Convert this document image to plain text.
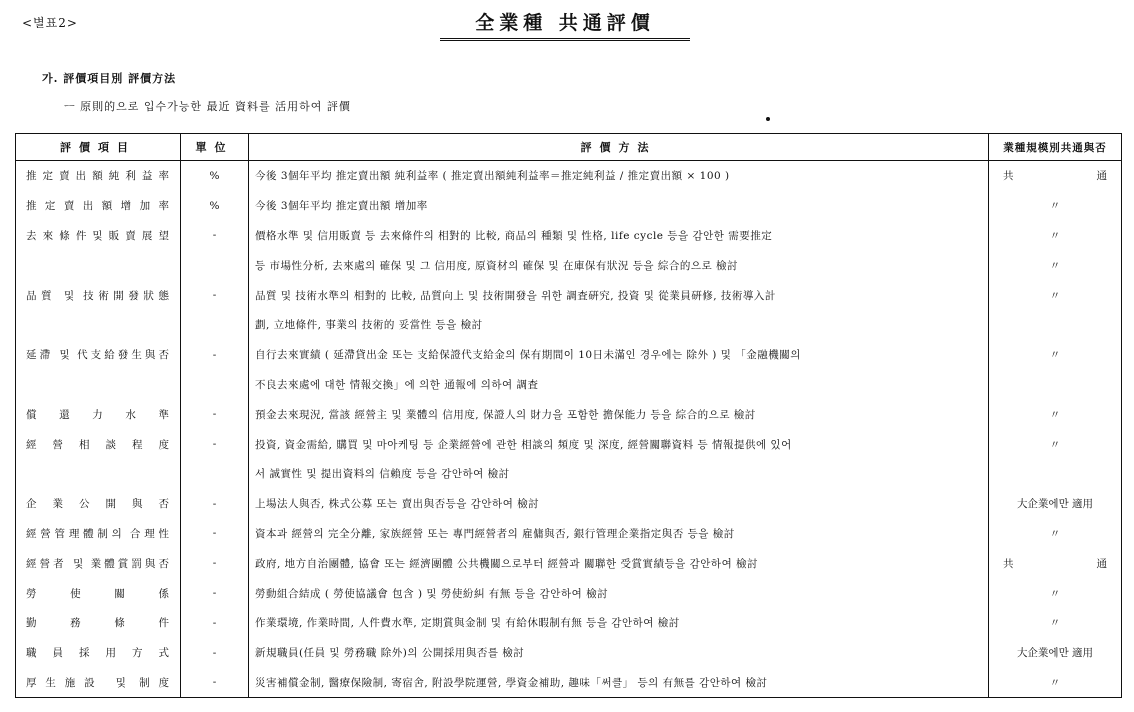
<별표2>	全業種 共通評價
가. 評價項目別 評價方法
ㅡ 原則的으로 입수가능한 最近 資料를 活用하여 評價
評價項目	單位	評價方法	業種規模別共通與否
推定賣出額純利益率	%	今後 3個年平均 推定賣出額 純利益率 ( 推定賣出額純利益率＝推定純利益 / 推定賣出額 × 100 )	共 通
推定賣出額增加率	%	今後 3個年平均 推定賣出額 增加率	〃
去來條件및販賣展望	-	價格水準 및 信用販賣 등 去來條件의 相對的 比較, 商品의 種類 및 性格, life cycle 등을 감안한 需要推定	〃
		등 市場性分析, 去來處의 確保 및 그 信用度, 原資材의 確保 및 在庫保有狀況 등을 綜合的으로 檢討	〃
品質 및 技術開發狀態	-	品質 및 技術水準의 相對的 比較, 品質向上 및 技術開發을 위한 調査硏究, 投資 및 從業員硏修, 技術導入計	〃
		劃, 立地條件, 事業의 技術的 妥當性 등을 檢討	
延滯 및 代支給發生與否	-	自行去來實績 ( 延滯貸出金 또는 支給保證代支給金의 保有期間이 10日未滿인 경우에는 除外 ) 및 「金融機關의	〃
		不良去來處에 대한 情報交換」에 의한 通報에 의하여 調査	
償還力水準	-	預金去來現況, 當該 經營主 및 業體의 信用度, 保證人의 財力을 포함한 擔保能力 등을 綜合的으로 檢討	〃
經營相談程度	-	投資, 資金需給, 購買 및 마아케팅 등 企業經營에 관한 相談의 頻度 및 深度, 經營關聯資料 등 情報提供에 있어	〃
		서 誠實性 및 提出資料의 信賴度 등을 감안하여 檢討	
企業公開與否	-	上場法人與否, 株式公募 또는 賣出與否등을 감안하여 檢討	大企業에만 適用
經營管理體制의 合理性	-	資本과 經營의 完全分離, 家族經營 또는 專門經營者의 雇傭與否, 銀行管理企業指定與否 등을 檢討	〃
經營者 및 業體賞罰與否	-	政府, 地方自治團體, 協會 또는 經濟團體 公共機關으로부터 經營과 關聯한 受賞實績등을 감안하여 檢討	共 通
勞使關係	-	勞動組合結成 ( 勞使協議會 包含 ) 및 勞使紛糾 有無 등을 감안하여 檢討	〃
勤務條件	-	作業環境, 作業時間, 人件費水準, 定期賞與金制 및 有給休暇制有無 등을 감안하여 檢討	〃
職員採用方式	-	新規職員(任員 및 勞務職 除外)의 公開採用與否를 檢討	大企業에만 適用
厚生施設 및 制度	-	災害補償金制, 醫療保險制, 寄宿舍, 附設學院運營, 學資金補助, 趣味「써클」 등의 有無를 감안하여 檢討	〃
